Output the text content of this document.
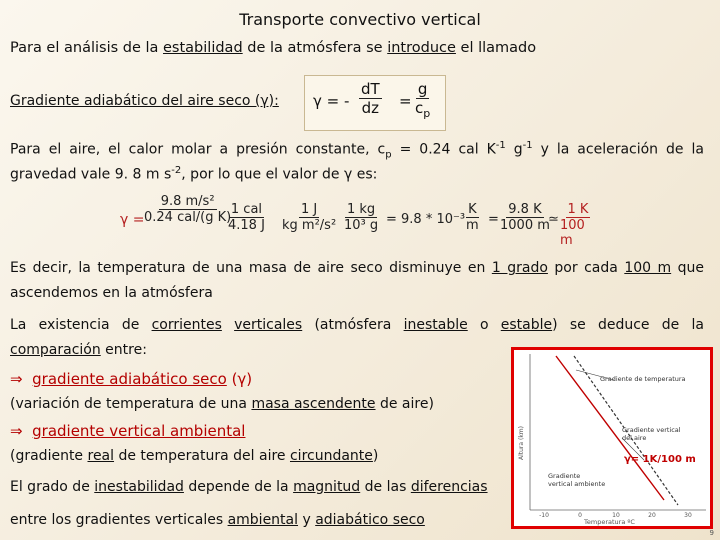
Transporte convectivo vertical
Para el análisis de la estabilidad de la atmósfera se introduce el llamado
Gradiente adiabático del aire seco (γ): γ = - $\frac{dT}{dz} = \frac{g}{c_p}$
Para el aire, el calor molar a presión constante, $c_p = 0.24$ cal $K^{-1}$ $g^{-1}$ y la aceleración de la
gravedad vale 9. 8 m $s^{-2}$, por lo que el valor de γ es:
γ =
9.8 m/s²
0.24 cal/(g K)
1 cal
4.18 J $\frac{1 J}{\text{kg m²/s²}} \frac{1 kg}{\text{10³ g}} = 9.8 * 10^{-3} \frac{K}{m} = \frac{9.8 K}{1000 m}$
≃ $\frac{1 K}{100 m}$
Es decir, la temperatura de una masa de aire seco disminuye en 1 grado por cada 100 m que
ascendemos en la atmósfera
La existencia de corrientes verticales (atmósfera inestable o estable) se deduce de la
comparación entre:
⇒ gradiente adiabático seco (γ)
(variación de temperatura de una masa ascendente de aire)
⇒ gradiente vertical ambiental
(gradiente real de temperatura del aire circundante)
El grado de inestabilidad depende de la magnitud de las diferencias
entre los gradientes verticales ambiental y adiabático seco
Gradiente de temperatura
Gradiente vertical
del aire
Gradiente
vertical ambiente
γ= 1K/100 m
Altura (km)
Temperatura ºC
-10	0	10	20	30
9
